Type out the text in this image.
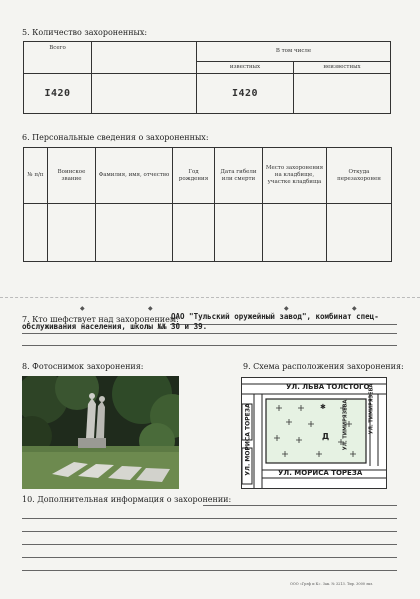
5. Количество захороненных:
Всего		В том числе	
		известных	неизвестных
I420		I420	
6. Персональные сведения о захороненных:
№ п/п	Воинское звание	Фамилия, имя, отчество	Год рождения	Дата гибели или смерти	Место захоронения на кладбище, участке кладбища	Откуда перезахоронен

◆	◆	◆	◆
7. Кто шефствует над захоронением:
ОАО "Тульский оружейный завод", комбинат спец-
обслуживания населения, школы №№ 30 и 39.
8. Фотоснимок захоронения:	9. Схема расположения захоронения:
✱
УЛ. ЛЬВА ТОЛСТОГО
Д
УЛ. МОРИСА ТОРЕЗА	УЛ. МОРИСА ТОРЕЗА
УЛ. ТИМИРЯЗЕВА
УЛ. ТИМИРЯЗЕВА
10. Дополнительная информация о захоронении:
ООО «Грэф и К». Зак. № 3213. Тир. 3000 экз.
